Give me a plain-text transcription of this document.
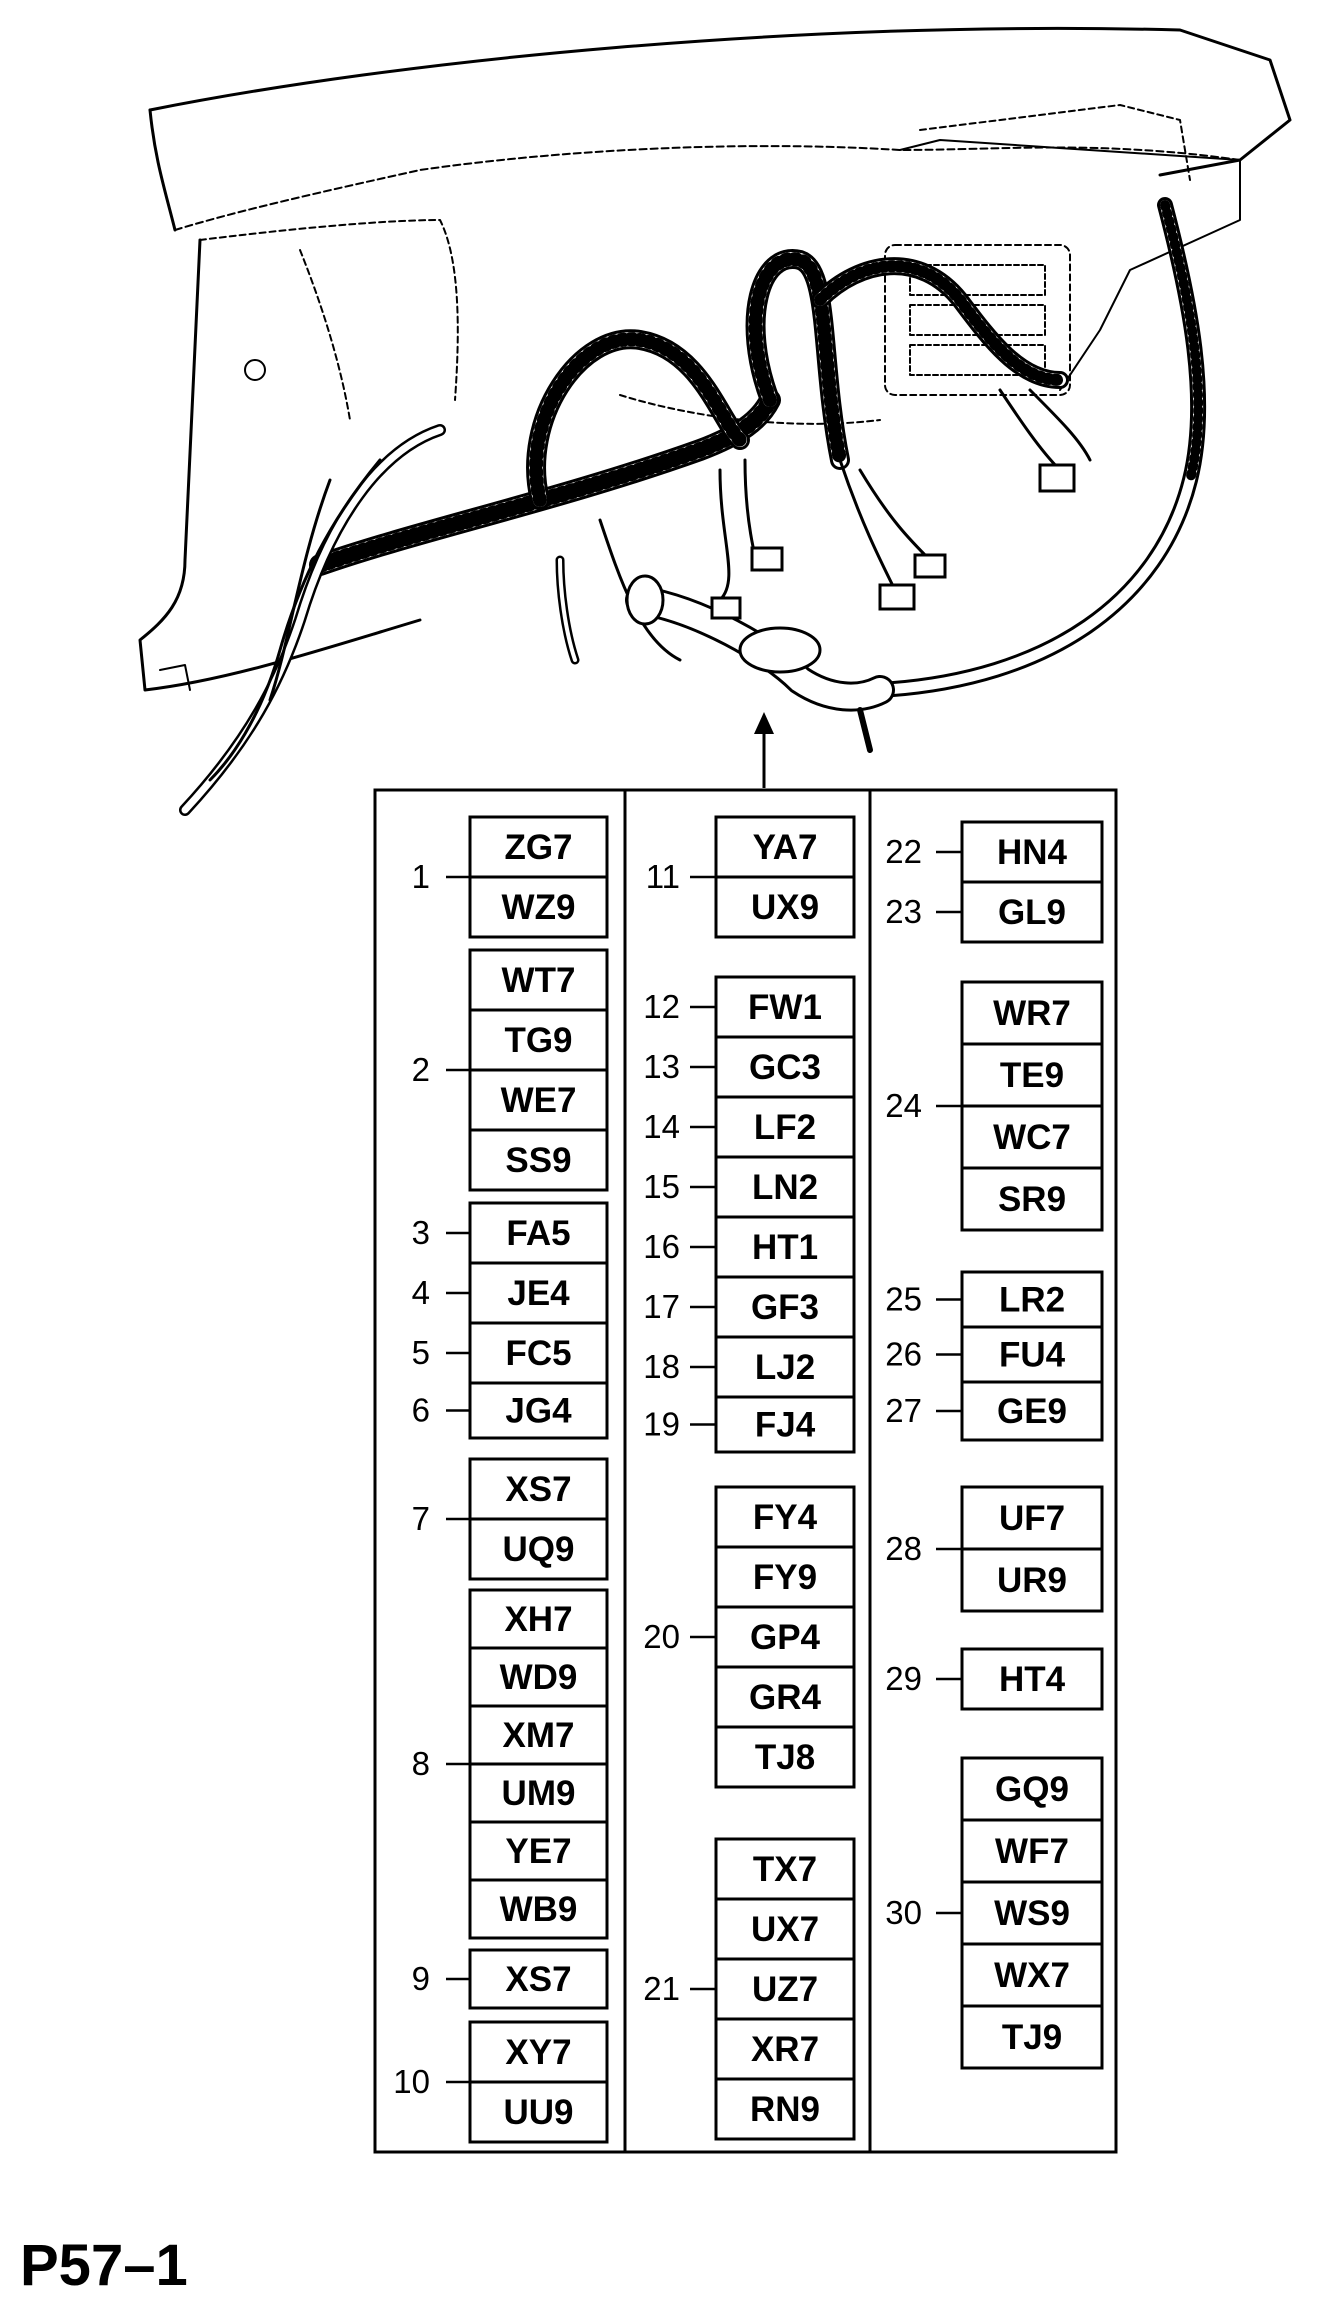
ZG7
WZ9
1
WT7
TG9
WE7
SS9
2
FA5
3
JE4
4
FC5
5
JG4
6
XS7
UQ9
7
XH7
WD9
XM7
UM9
YE7
WB9
8
XS7
9
XY7
UU9
10
YA7
UX9
11
FW1
12
GC3
13
LF2
14
LN2
15
HT1
16
GF3
17
LJ2
18
FJ4
19
FY4
FY9
GP4
GR4
TJ8
20
TX7
UX7
UZ7
XR7
RN9
21
HN4
22
GL9
23
WR7
TE9
WC7
SR9
24
LR2
25
FU4
26
GE9
27
UF7
UR9
28
HT4
29
GQ9
WF7
WS9
WX7
TJ9
30
P57–1
